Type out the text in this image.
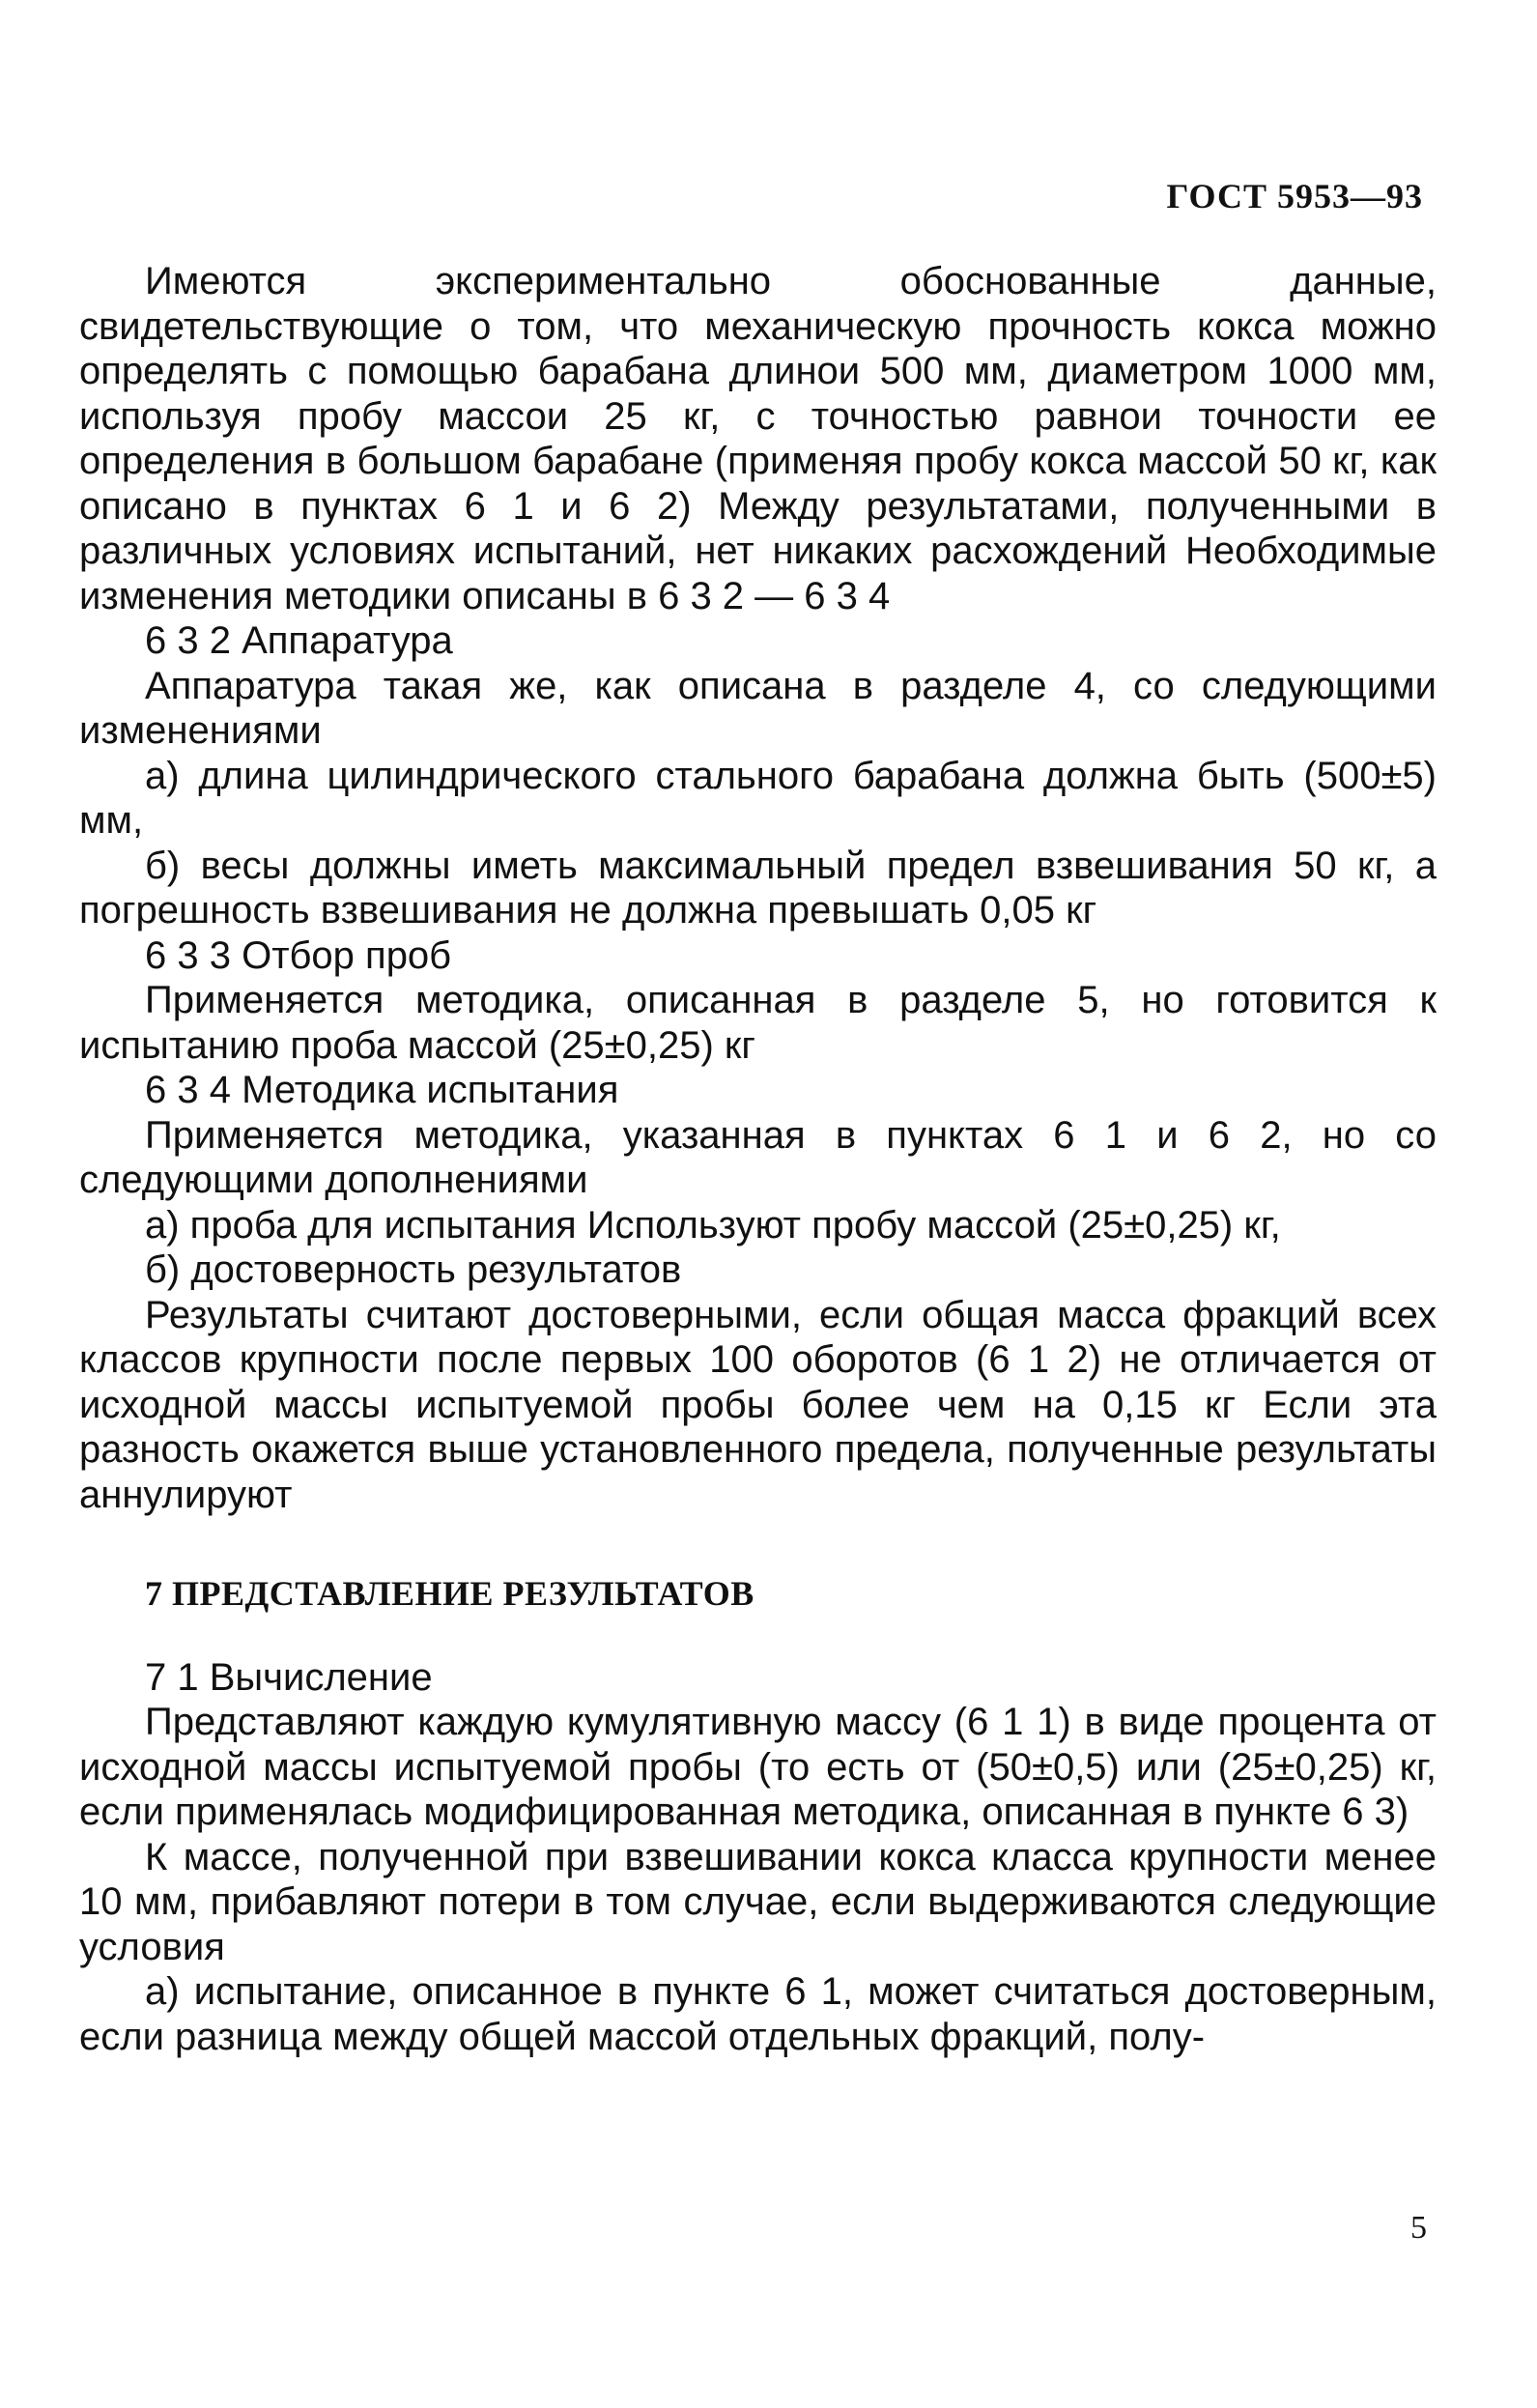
ГОСТ 5953—93

Имеются экспериментально обоснованные данные, свидетельствующие о том, что механическую прочность кокса можно определять с помощью барабана длинои 500 мм, диаметром 1000 мм, используя пробу массои 25 кг, с точностью равнои точности ее определения в большом барабане (применяя пробу кокса массой 50 кг, как описано в пунктах 6 1 и 6 2) Между результатами, полученными в различных условиях испытаний, нет никаких расхождений Необходимые изменения методики описаны в 6 3 2 — 6 3 4

6 3 2 Аппаратура

Аппаратура такая же, как описана в разделе 4, со следующими изменениями

а) длина цилиндрического стального барабана должна быть (500±5) мм,

б) весы должны иметь максимальный предел взвешивания 50 кг, а погрешность взвешивания не должна превышать 0,05 кг

6 3 3 Отбор проб

Применяется методика, описанная в разделе 5, но готовится к испытанию проба массой (25±0,25) кг

6 3 4 Методика испытания

Применяется методика, указанная в пунктах 6 1 и 6 2, но со следующими дополнениями

а) проба для испытания Используют пробу массой (25±0,25) кг,

б) достоверность результатов

Результаты считают достоверными, если общая масса фракций всех классов крупности после первых 100 оборотов (6 1 2) не отличается от исходной массы испытуемой пробы более чем на 0,15 кг Если эта разность окажется выше установленного предела, полученные результаты аннулируют

7 ПРЕДСТАВЛЕНИЕ РЕЗУЛЬТАТОВ

7 1 Вычисление

Представляют каждую кумулятивную массу (6 1 1) в виде процента от исходной массы испытуемой пробы (то есть от (50±0,5) или (25±0,25) кг, если применялась модифицированная методика, описанная в пункте 6 3)

К массе, полученной при взвешивании кокса класса крупности менее 10 мм, прибавляют потери в том случае, если выдерживаются следующие условия

а) испытание, описанное в пункте 6 1, может считаться достоверным, если разница между общей массой отдельных фракций, полу-

5
